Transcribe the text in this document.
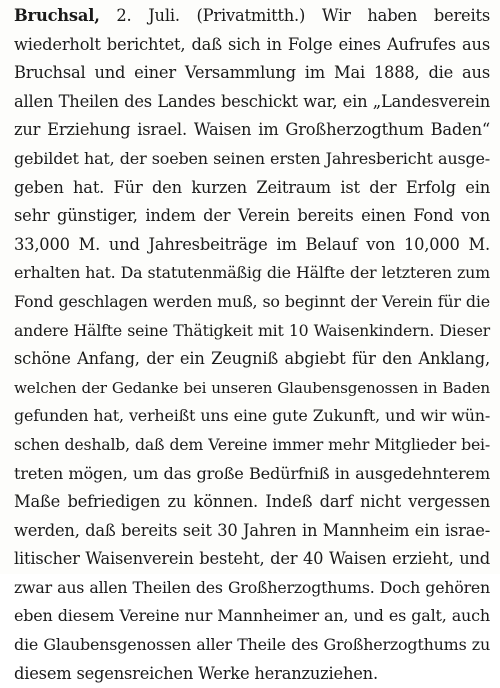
Bruchsal, 2. Juli. (Privatmitth.) Wir haben bereits
wiederholt berichtet, daß sich in Folge eines Aufrufes aus
Bruchsal und einer Versammlung im Mai 1888, die aus
allen Theilen des Landes beschickt war, ein „Landesverein
zur Erziehung israel. Waisen im Großherzogthum Baden“
gebildet hat, der soeben seinen ersten Jahresbericht ausge-
geben hat. Für den kurzen Zeitraum ist der Erfolg ein
sehr günstiger, indem der Verein bereits einen Fond von
33,000 M. und Jahresbeiträge im Belauf von 10,000 M.
erhalten hat. Da statutenmäßig die Hälfte der letzteren zum
Fond geschlagen werden muß, so beginnt der Verein für die
andere Hälfte seine Thätigkeit mit 10 Waisenkindern. Dieser
schöne Anfang, der ein Zeugniß abgiebt für den Anklang,
welchen der Gedanke bei unseren Glaubensgenossen in Baden
gefunden hat, verheißt uns eine gute Zukunft, und wir wün-
schen deshalb, daß dem Vereine immer mehr Mitglieder bei-
treten mögen, um das große Bedürfniß in ausgedehnterem
Maße befriedigen zu können. Indeß darf nicht vergessen
werden, daß bereits seit 30 Jahren in Mannheim ein israe-
litischer Waisenverein besteht, der 40 Waisen erzieht, und
zwar aus allen Theilen des Großherzogthums. Doch gehören
eben diesem Vereine nur Mannheimer an, und es galt, auch
die Glaubensgenossen aller Theile des Großherzogthums zu
diesem segensreichen Werke heranzuziehen.
